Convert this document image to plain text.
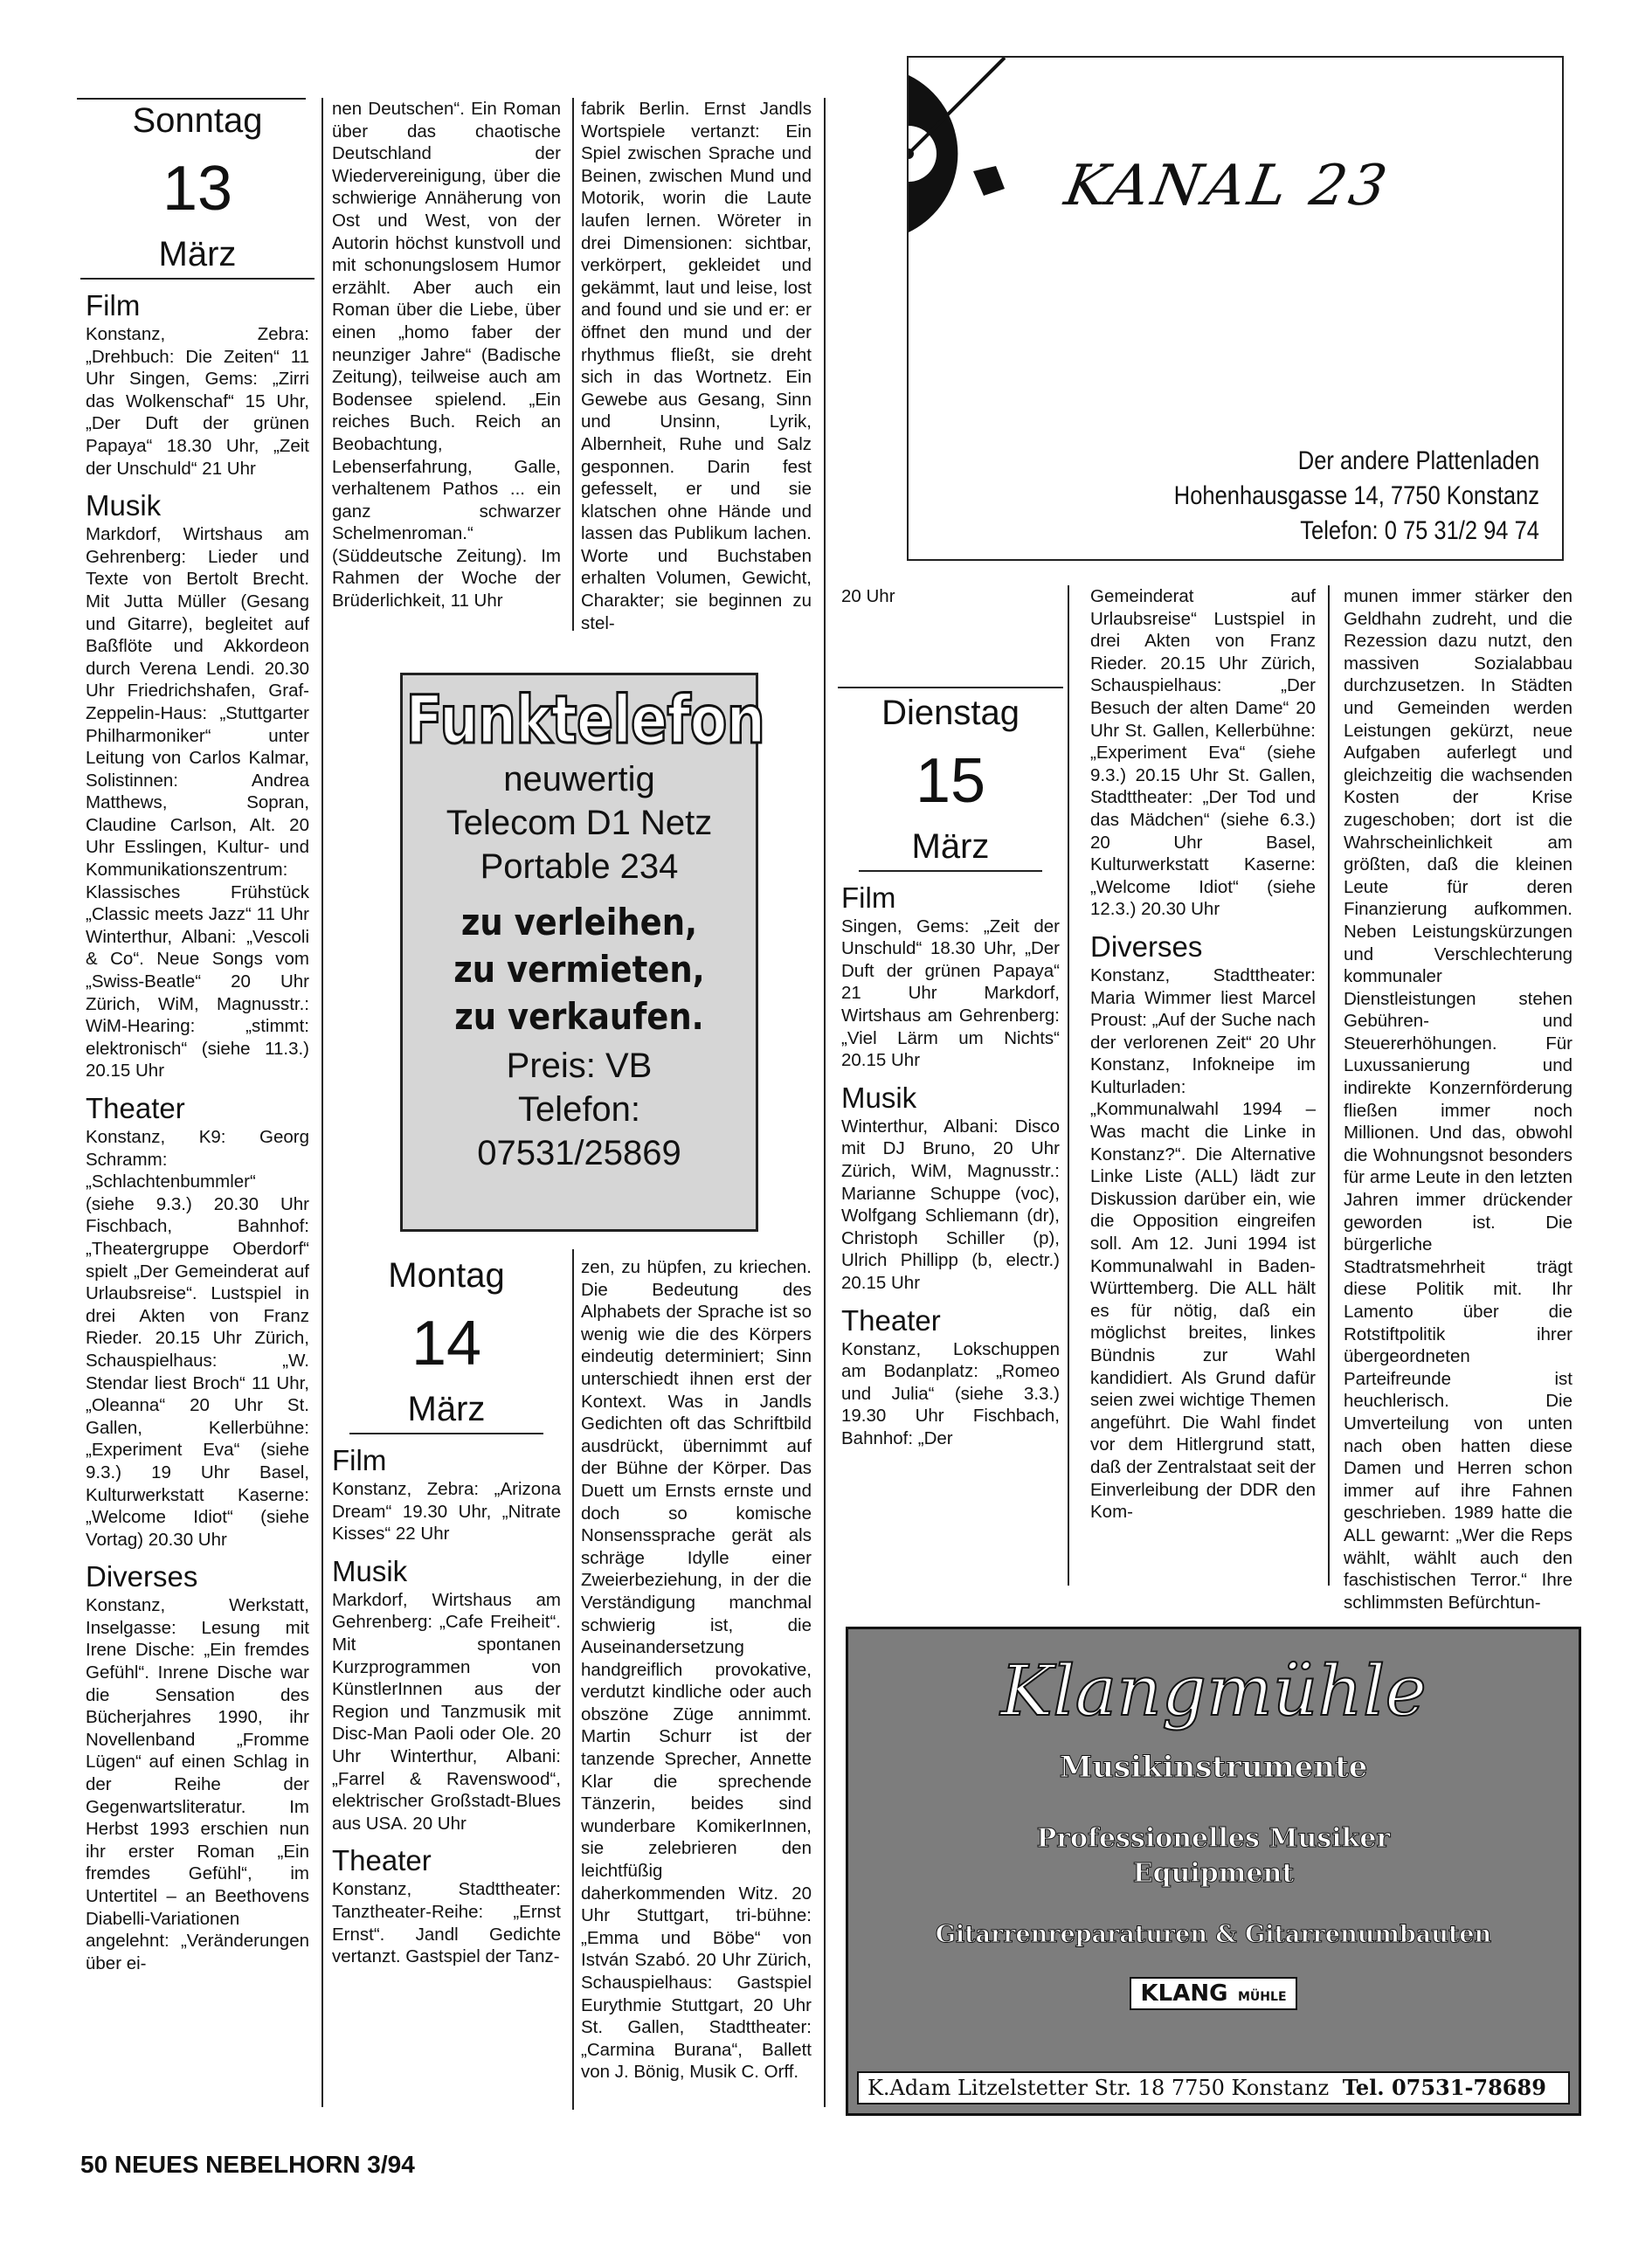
Sonntag
13
März
Film

Konstanz, Zebra: „Drehbuch: Die Zeiten“ 11 Uhr Singen, Gems: „Zirri das Wolkenschaf“ 15 Uhr, „Der Duft der grünen Papaya“ 18.30 Uhr, „Zeit der Unschuld“ 21 Uhr

Musik

Markdorf, Wirtshaus am Gehrenberg: Lieder und Texte von Bertolt Brecht. Mit Jutta Müller (Gesang und Gitarre), begleitet auf Baßflöte und Akkordeon durch Verena Lendi. 20.30 Uhr Friedrichshafen, Graf-Zeppelin-Haus: „Stuttgarter Philharmoniker“ unter Leitung von Carlos Kalmar, Solistinnen: Andrea Matthews, Sopran, Claudine Carlson, Alt. 20 Uhr Esslingen, Kultur- und Kommunikationszentrum: Klassisches Frühstück „Classic meets Jazz“ 11 Uhr Winterthur, Albani: „Vescoli & Co“. Neue Songs vom „Swiss-Beatle“ 20 Uhr Zürich, WiM, Magnusstr.: WiM-Hearing: „stimmt: elektronisch“ (siehe 11.3.) 20.15 Uhr

Theater

Konstanz, K9: Georg Schramm: „Schlachtenbummler“ (siehe 9.3.) 20.30 Uhr Fischbach, Bahnhof: „Theatergruppe Oberdorf“ spielt „Der Gemeinderat auf Urlaubsreise“. Lustspiel in drei Akten von Franz Rieder. 20.15 Uhr Zürich, Schauspielhaus: „W. Stendar liest Broch“ 11 Uhr, „Oleanna“ 20 Uhr St. Gallen, Kellerbühne: „Experiment Eva“ (siehe 9.3.) 19 Uhr Basel, Kulturwerkstatt Kaserne: „Welcome Idiot“ (siehe Vortag) 20.30 Uhr

Diverses

Konstanz, Werkstatt, Inselgasse: Lesung mit Irene Dische: „Ein fremdes Gefühl“. Inrene Dische war die Sensation des Bücherjahres 1990, ihr Novellenband „Fromme Lügen“ auf einen Schlag in der Reihe der Gegenwartsliteratur. Im Herbst 1993 erschien nun ihr erster Roman „Ein fremdes Gefühl“, im Untertitel – an Beethovens Diabelli-Variationen angelehnt: „Veränderungen über ei-

nen Deutschen“. Ein Roman über das chaotische Deutschland der Wiedervereinigung, über die schwierige Annäherung von Ost und West, von der Autorin höchst kunstvoll und mit schonungslosem Humor erzählt. Aber auch ein Roman über die Liebe, über einen „homo faber der neunziger Jahre“ (Badische Zeitung), teilweise auch am Bodensee spielend. „Ein reiches Buch. Reich an Beobachtung, Lebenserfahrung, Galle, verhaltenem Pathos ... ein ganz schwarzer Schelmenroman.“ (Süddeutsche Zeitung). Im Rahmen der Woche der Brüderlichkeit, 11 Uhr

fabrik Berlin. Ernst Jandls Wortspiele vertanzt: Ein Spiel zwischen Sprache und Beinen, zwischen Mund und Motorik, worin die Laute laufen lernen. Wöreter in drei Dimensionen: sichtbar, verkörpert, gekleidet und gekämmt, laut und leise, lost and found und sie und er: er öffnet den mund und der rhythmus fließt, sie dreht sich in das Wortnetz. Ein Gewebe aus Gesang, Sinn und Unsinn, Lyrik, Albernheit, Ruhe und Salz gesponnen. Darin fest gefesselt, er und sie klatschen ohne Hände und lassen das Publikum lachen. Worte und Buchstaben erhalten Volumen, Gewicht, Charakter; sie beginnen zu stel-

Funktelefon
neuwertig
Telecom D1 Netz
Portable 234
zu verleihen,
zu vermieten,
zu verkaufen.
Preis: VB
Telefon:
07531/25869
Montag
14
März
Film

Konstanz, Zebra: „Arizona Dream“ 19.30 Uhr, „Nitrate Kisses“ 22 Uhr

Musik

Markdorf, Wirtshaus am Gehrenberg: „Cafe Freiheit“. Mit spontanen Kurzprogrammen von KünstlerInnen aus der Region und Tanzmusik mit Disc-Man Paoli oder Ole. 20 Uhr Winterthur, Albani: „Farrel & Ravenswood“, elektrischer Großstadt-Blues aus USA. 20 Uhr

Theater

Konstanz, Stadttheater: Tanztheater-Reihe: „Ernst Ernst“. Jandl Gedichte vertanzt. Gastspiel der Tanz-

zen, zu hüpfen, zu kriechen. Die Bedeutung des Alphabets der Sprache ist so wenig wie die des Körpers eindeutig determiniert; Sinn unterschiedt ihnen erst der Kontext. Was in Jandls Gedichten oft das Schriftbild ausdrückt, übernimmt auf der Bühne der Körper. Das Duett um Ernsts ernste und doch so komische Nonsenssprache gerät als schräge Idylle einer Zweierbeziehung, in der die Verständigung manchmal schwierig ist, die Auseinandersetzung handgreiflich provokative, verdutzt kindliche oder auch obszöne Züge annimmt. Martin Schurr ist der tanzende Sprecher, Annette Klar die sprechende Tänzerin, beides sind wunderbare KomikerInnen, sie zelebrieren den leichtfüßig daherkommenden Witz. 20 Uhr Stuttgart, tri-bühne: „Emma und Böbe“ von István Szabó. 20 Uhr Zürich, Schauspielhaus: Gastspiel Eurythmie Stuttgart, 20 Uhr St. Gallen, Stadttheater: „Carmina Burana“, Ballett von J. Bönig, Musik C. Orff.

KANAL 23
Der andere Plattenladen
Hohenhausgasse 14, 7750 Konstanz
Telefon: 0 75 31/2 94 74

20 Uhr

Dienstag
15
März
Film

Singen, Gems: „Zeit der Unschuld“ 18.30 Uhr, „Der Duft der grünen Papaya“ 21 Uhr Markdorf, Wirtshaus am Gehrenberg: „Viel Lärm um Nichts“ 20.15 Uhr

Musik

Winterthur, Albani: Disco mit DJ Bruno, 20 Uhr Zürich, WiM, Magnusstr.: Marianne Schuppe (voc), Wolfgang Schliemann (dr), Christoph Schiller (p), Ulrich Phillipp (b, electr.) 20.15 Uhr

Theater

Konstanz, Lokschuppen am Bodanplatz: „Romeo und Julia“ (siehe 3.3.) 19.30 Uhr Fischbach, Bahnhof: „Der

Gemeinderat auf Urlaubsreise“ Lustspiel in drei Akten von Franz Rieder. 20.15 Uhr Zürich, Schauspielhaus: „Der Besuch der alten Dame“ 20 Uhr St. Gallen, Kellerbühne: „Experiment Eva“ (siehe 9.3.) 20.15 Uhr St. Gallen, Stadttheater: „Der Tod und das Mädchen“ (siehe 6.3.) 20 Uhr Basel, Kulturwerkstatt Kaserne: „Welcome Idiot“ (siehe 12.3.) 20.30 Uhr

Diverses

Konstanz, Stadttheater: Maria Wimmer liest Marcel Proust: „Auf der Suche nach der verlorenen Zeit“ 20 Uhr Konstanz, Infokneipe im Kulturladen: „Kommunalwahl 1994 – Was macht die Linke in Konstanz?“. Die Alternative Linke Liste (ALL) lädt zur Diskussion darüber ein, wie die Opposition eingreifen soll. Am 12. Juni 1994 ist Kommunalwahl in Baden-Württemberg. Die ALL hält es für nötig, daß ein möglichst breites, linkes Bündnis zur Wahl kandidiert. Als Grund dafür seien zwei wichtige Themen angeführt. Die Wahl findet vor dem Hitlergrund statt, daß der Zentralstaat seit der Einverleibung der DDR den Kom-

munen immer stärker den Geldhahn zudreht, und die Rezession dazu nutzt, den massiven Sozialabbau durchzusetzen. In Städten und Gemeinden werden Leistungen gekürzt, neue Aufgaben auferlegt und gleichzeitig die wachsenden Kosten der Krise zugeschoben; dort ist die Wahrscheinlichkeit am größten, daß die kleinen Leute für deren Finanzierung aufkommen. Neben Leistungskürzungen und Verschlechterung kommunaler Dienstleistungen stehen Gebühren- und Steuererhöhungen. Für Luxussanierung und indirekte Konzernförderung fließen immer noch Millionen. Und das, obwohl die Wohnungsnot besonders für arme Leute in den letzten Jahren immer drückender geworden ist. Die bürgerliche Stadtratsmehrheit trägt diese Politik mit. Ihr Lamento über die Rotstiftpolitik ihrer übergeordneten Parteifreunde ist heuchlerisch. Die Umverteilung von unten nach oben hatten diese Damen und Herren schon immer auf ihre Fahnen geschrieben. 1989 hatte die ALL gewarnt: „Wer die Reps wählt, wählt auch den faschistischen Terror.“ Ihre schlimmsten Befürchtun-

Klangmühle
Musikinstrumente
Professionelles Musiker
Equipment
Gitarrenreparaturen & Gitarrenumbauten
KLANG MÜHLE
K.Adam Litzelstetter Str. 18 7750 Konstanz Tel. 07531-78689
50 NEUES NEBELHORN 3/94
